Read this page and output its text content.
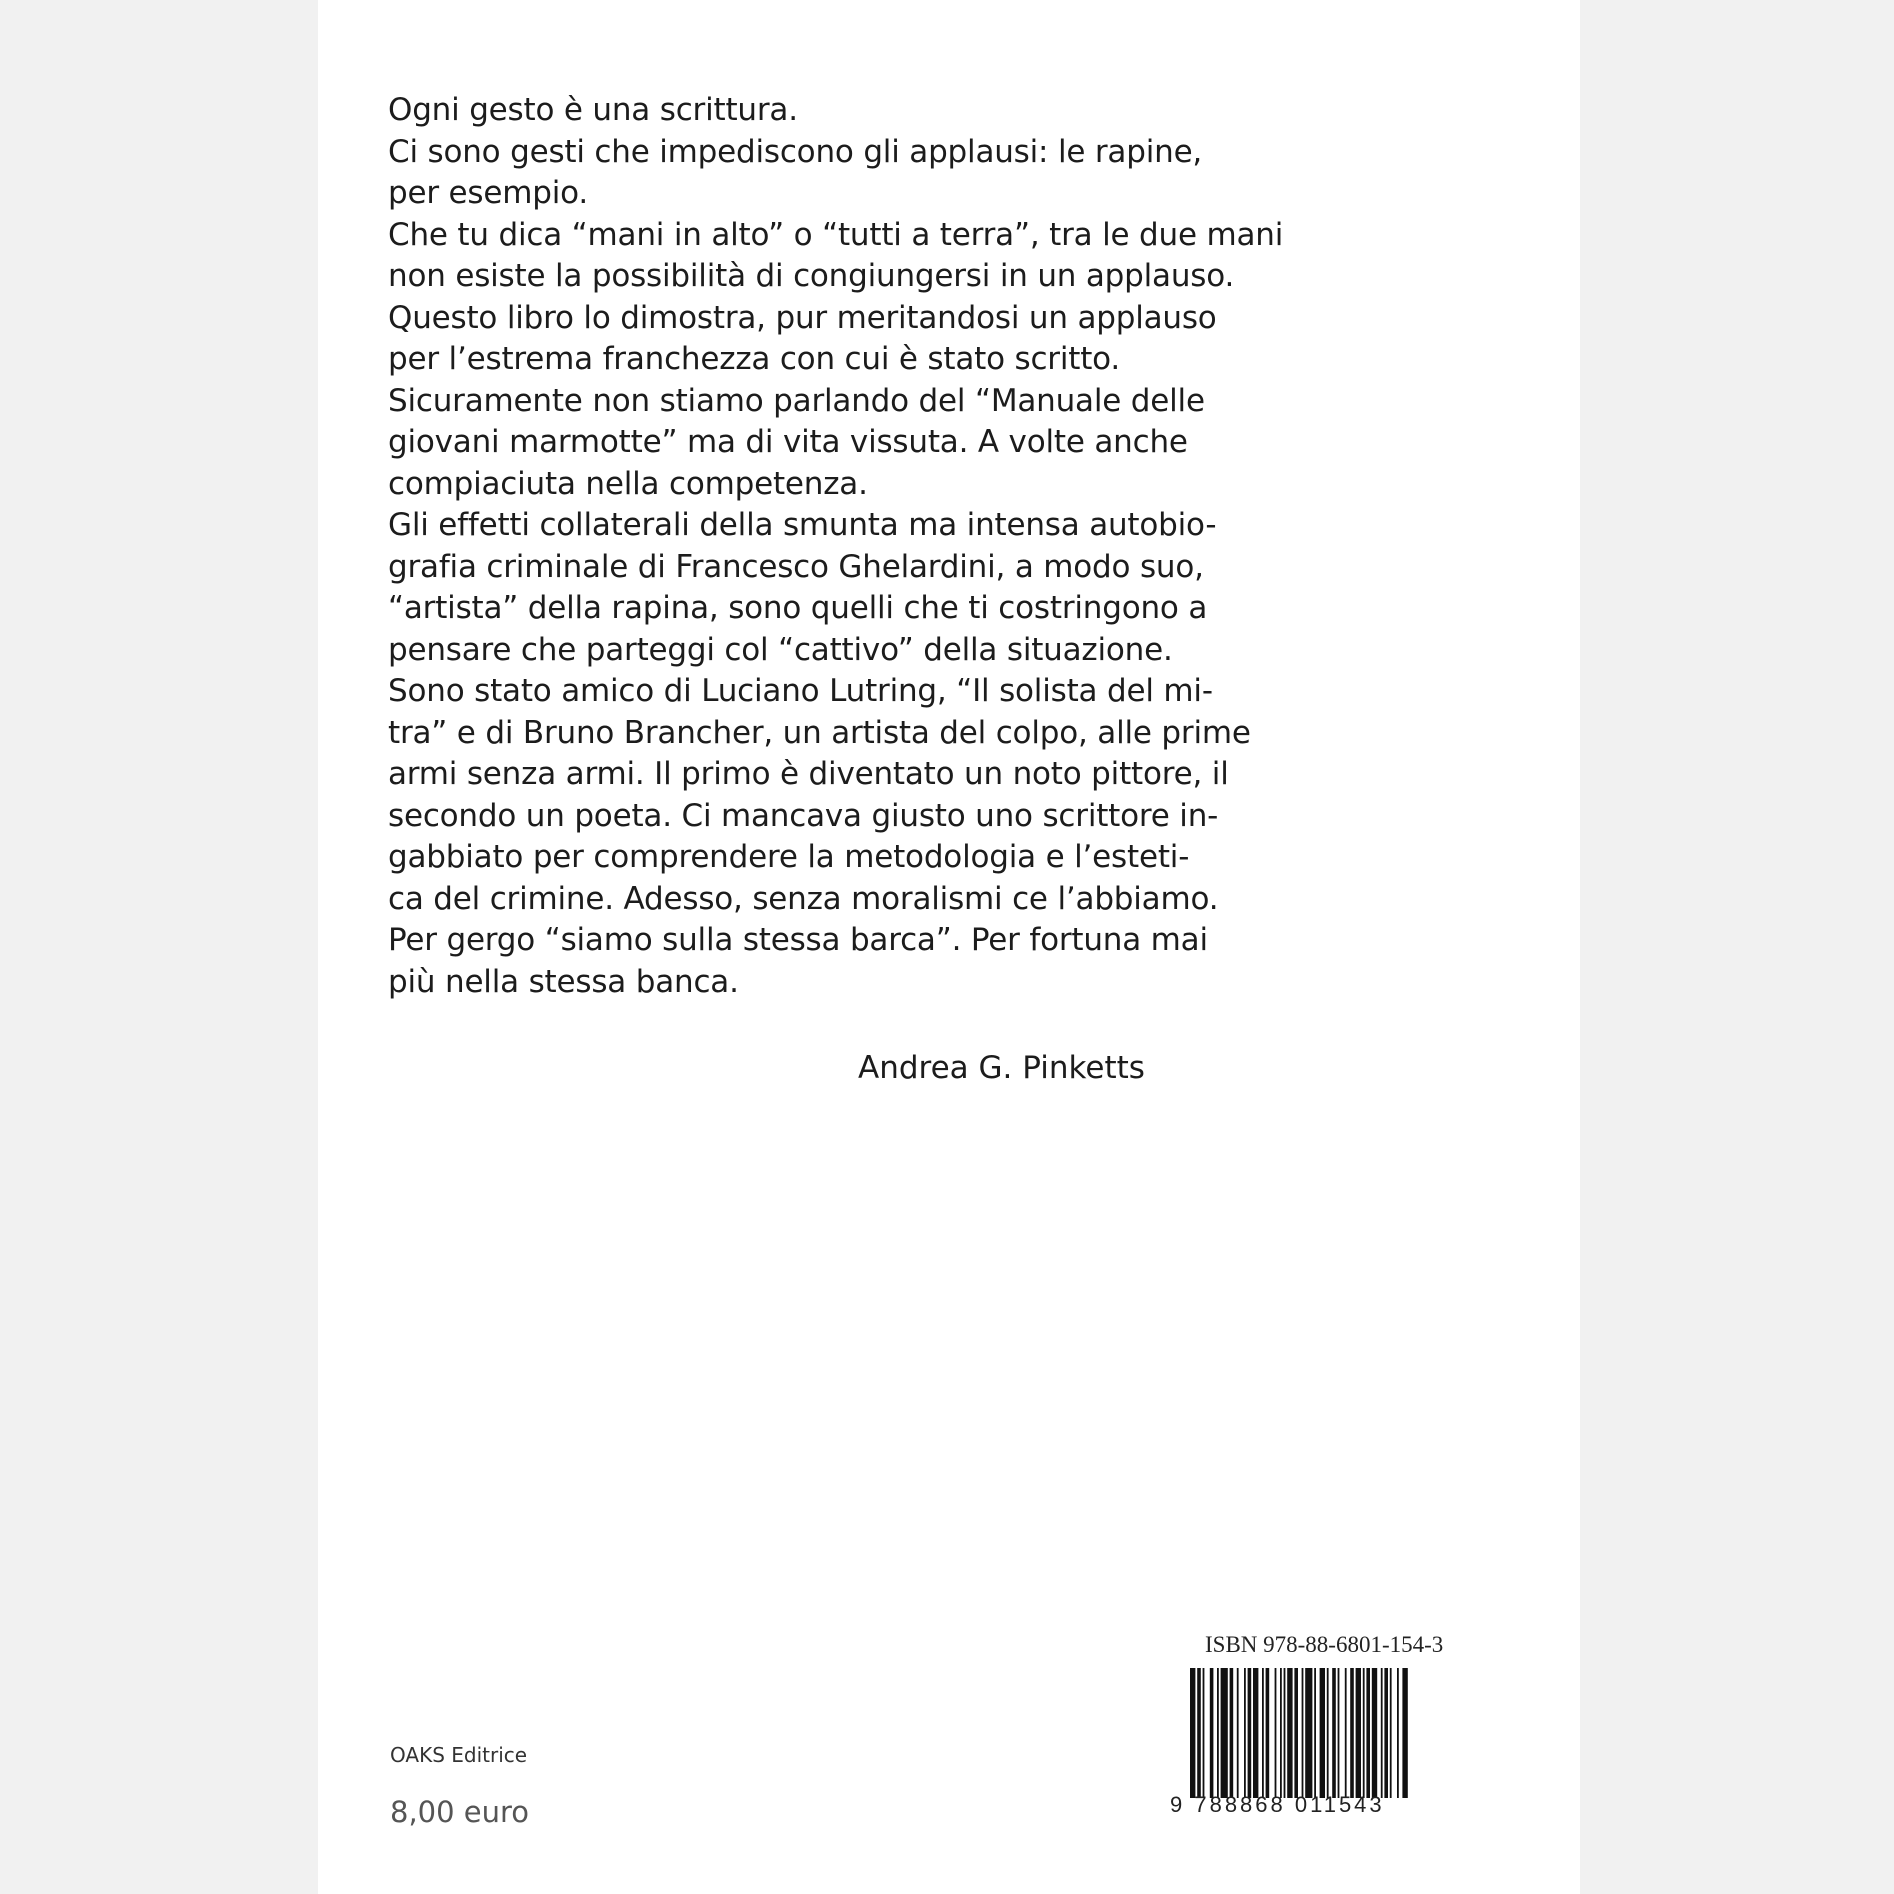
Ogni gesto è una scrittura.
Ci sono gesti che impediscono gli applausi: le rapine,
per esempio.
Che tu dica “mani in alto” o “tutti a terra”, tra le due mani
non esiste la possibilità di congiungersi in un applauso.
Questo libro lo dimostra, pur meritandosi un applauso
per l’estrema franchezza con cui è stato scritto.
Sicuramente non stiamo parlando del “Manuale delle
giovani marmotte” ma di vita vissuta. A volte anche
compiaciuta nella competenza.
Gli effetti collaterali della smunta ma intensa autobio-
grafia criminale di Francesco Ghelardini, a modo suo,
“artista” della rapina, sono quelli che ti costringono a
pensare che parteggi col “cattivo” della situazione.
Sono stato amico di Luciano Lutring, “Il solista del mi-
tra” e di Bruno Brancher, un artista del colpo, alle prime
armi senza armi. Il primo è diventato un noto pittore, il
secondo un poeta. Ci mancava giusto uno scrittore in-
gabbiato per comprendere la metodologia e l’esteti-
ca del crimine. Adesso, senza moralismi ce l’abbiamo.
Per gergo “siamo sulla stessa barca”. Per fortuna mai
più nella stessa banca.
Andrea G. Pinketts
ISBN 978-88-6801-154-3
9 788868 011543
OAKS Editrice
8,00 euro
